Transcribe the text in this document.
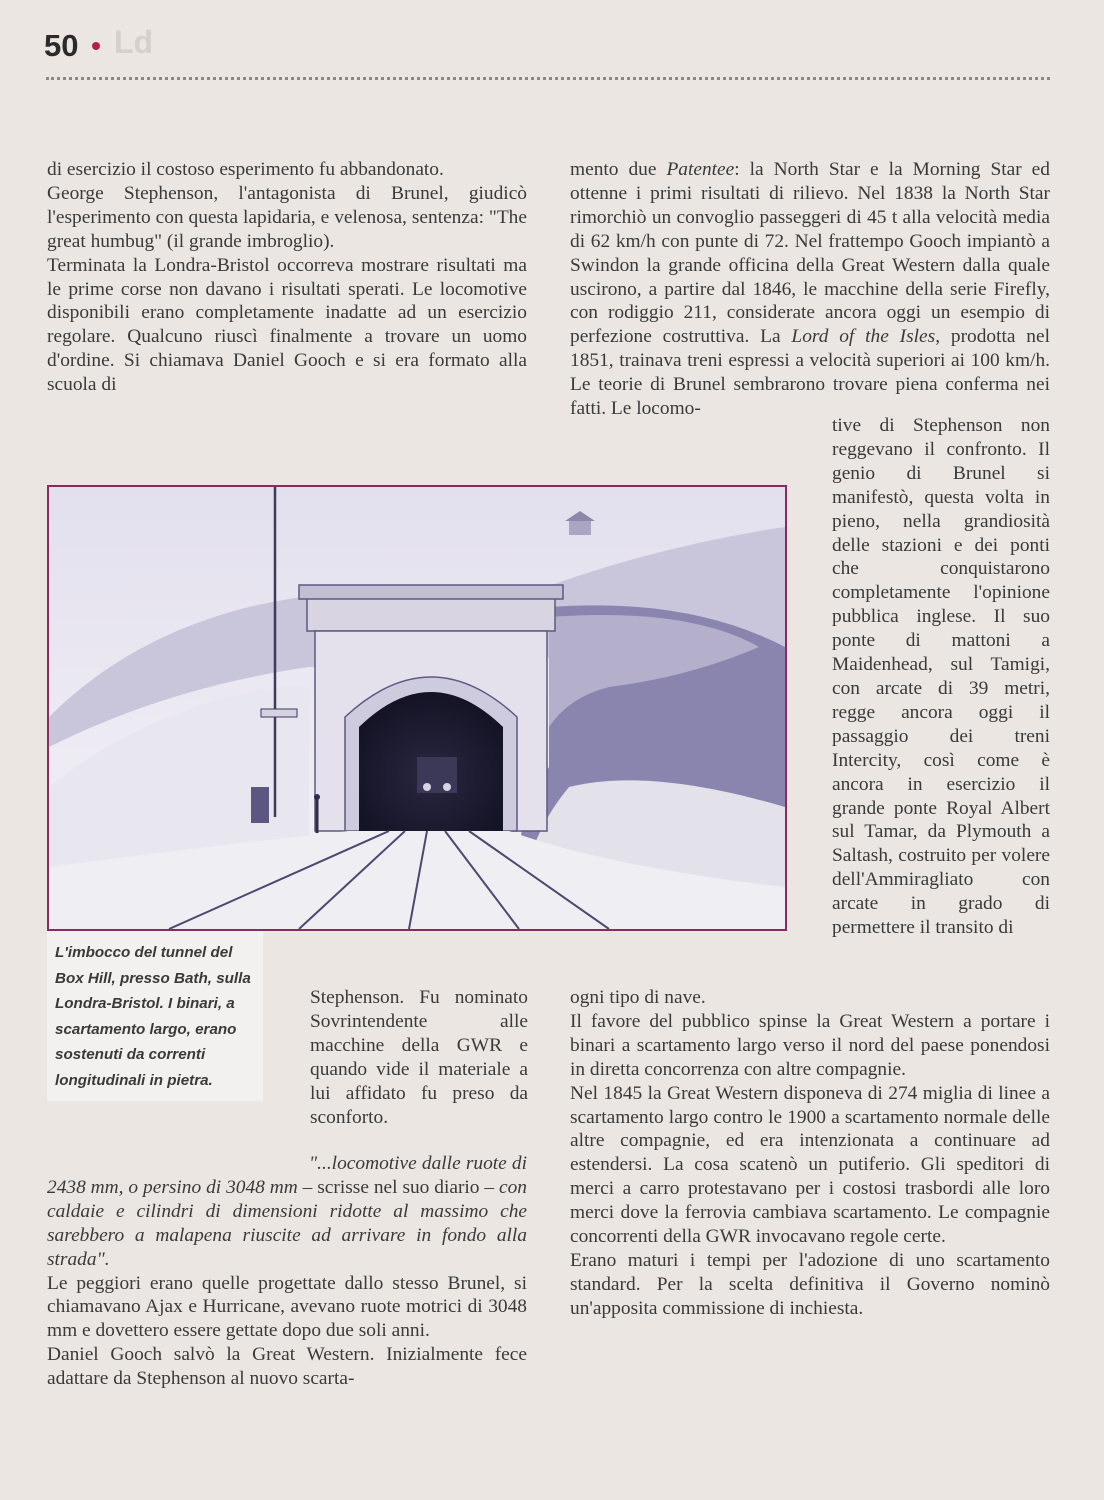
50 Ld

di esercizio il costoso esperimento fu abbandonato.

George Stephenson, l'antagonista di Brunel, giudicò l'esperimento con questa lapidaria, e velenosa, sentenza: "The great humbug" (il grande imbroglio).

Terminata la Londra-Bristol occorreva mostrare risultati ma le prime corse non davano i risultati sperati. Le locomotive disponibili erano completamente inadatte ad un esercizio regolare. Qualcuno riuscì finalmente a trovare un uomo d'ordine. Si chiamava Daniel Gooch e si era formato alla scuola di

mento due Patentee: la North Star e la Morning Star ed ottenne i primi risultati di rilievo. Nel 1838 la North Star rimorchiò un convoglio passeggeri di 45 t alla velocità media di 62 km/h con punte di 72. Nel frattempo Gooch impiantò a Swindon la grande officina della Great Western dalla quale uscirono, a partire dal 1846, le macchine della serie Firefly, con rodiggio 211, considerate ancora oggi un esempio di perfezione costruttiva. La Lord of the Isles, prodotta nel 1851, trainava treni espressi a velocità superiori ai 100 km/h. Le teorie di Brunel sembrarono trovare piena conferma nei fatti. Le locomo-

tive di Stephenson non reggevano il confronto. Il genio di Brunel si manifestò, questa volta in pieno, nella grandiosità delle stazioni e dei ponti che conquistarono completamente l'opinione pubblica inglese. Il suo ponte di mattoni a Maidenhead, sul Tamigi, con arcate di 39 metri, regge ancora oggi il passaggio dei treni Intercity, così come è ancora in esercizio il grande ponte Royal Albert sul Tamar, da Plymouth a Saltash, costruito per volere dell'Ammiragliato con arcate in grado di permettere il transito di

L'imbocco del tunnel del Box Hill, presso Bath, sulla Londra-Bristol. I binari, a scartamento largo, erano sostenuti da correnti longitudinali in pietra.

Stephenson. Fu nominato Sovrintendente alle macchine della GWR e quando vide il materiale a lui affidato fu preso da sconforto.

"...locomotive dalle ruote di 2438 mm, o persino di 3048 mm – scrisse nel suo diario – con caldaie e cilindri di dimensioni ridotte al massimo che sarebbero a malapena riuscite ad arrivare in fondo alla strada".

Le peggiori erano quelle progettate dallo stesso Brunel, si chiamavano Ajax e Hurricane, avevano ruote motrici di 3048 mm e dovettero essere gettate dopo due soli anni.

Daniel Gooch salvò la Great Western. Inizialmente fece adattare da Stephenson al nuovo scarta-

ogni tipo di nave.

Il favore del pubblico spinse la Great Western a portare i binari a scartamento largo verso il nord del paese ponendosi in diretta concorrenza con altre compagnie.

Nel 1845 la Great Western disponeva di 274 miglia di linee a scartamento largo contro le 1900 a scartamento normale delle altre compagnie, ed era intenzionata a continuare ad estendersi. La cosa scatenò un putiferio. Gli speditori di merci a carro protestavano per i costosi trasbordi alle loro merci dove la ferrovia cambiava scartamento. Le compagnie concorrenti della GWR invocavano regole certe.

Erano maturi i tempi per l'adozione di uno scartamento standard. Per la scelta definitiva il Governo nominò un'apposita commissione di inchiesta.
